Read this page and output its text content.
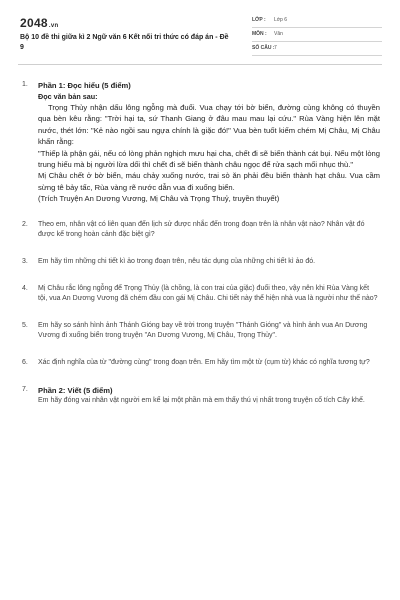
2048.vn
Bộ 10 đề thi giữa kì 2 Ngữ văn 6 Kết nối tri thức có đáp án - Đề 9
LỚP : Lớp 6
MÔN : Văn
SỐ CÂU : 7
1. Phần 1: Đọc hiểu (5 điểm)
Đọc văn bản sau:

Trọng Thủy nhận dấu lông ngỗng mà đuổi. Vua chạy tới bờ biển, đường cùng không có thuyền qua bèn kêu rằng: "Trời hại ta, sứ Thanh Giang ở đâu mau mau lại cứu." Rùa Vàng hiện lên mặt nước, thét lớn: "Kẻ nào ngồi sau ngựa chính là giặc đó!" Vua bèn tuốt kiếm chém Mị Châu, Mị Châu khấn rằng:

"Thiếp là phận gái, nếu có lòng phản nghịch mưu hại cha, chết đi sẽ biến thành cát bụi. Nếu một lòng trung hiếu mà bị người lừa dối thì chết đi sẽ biến thành châu ngọc để rửa sạch mối nhục thù."

Mị Châu chết ở bờ biển, máu chảy xuống nước, trai sò ăn phải đều biến thành hạt châu. Vua cầm sừng tê bảy tấc, Rùa vàng rẽ nước dẫn vua đi xuống biển.

(Trích Truyện An Dương Vương, Mị Châu và Trọng Thuỷ, truyền thuyết)

2. Theo em, nhân vật có liên quan đến lịch sử được nhắc đến trong đoạn trên là nhân vật nào? Nhân vật đó được kể trong hoàn cảnh đặc biệt gì?
3. Em hãy tìm những chi tiết kì ảo trong đoạn trên, nêu tác dụng của những chi tiết kì ảo đó.
4. Mị Châu rắc lông ngỗng để Trọng Thủy (là chồng, là con trai của giặc) đuổi theo, vậy nên khi Rùa Vàng kết tội, vua An Dương Vương đã chém đầu con gái Mị Châu. Chi tiết này thể hiện nhà vua là người như thế nào?
5. Em hãy so sánh hình ảnh Thánh Gióng bay về trời trong truyện "Thánh Gióng" và hình ảnh vua An Dương Vương đi xuống biển trong truyện "An Dương Vương, Mị Châu, Trọng Thủy".
6. Xác định nghĩa của từ "đường cùng" trong đoạn trên. Em hãy tìm một từ (cụm từ) khác có nghĩa tương tự?
7. Phần 2: Viết (5 điểm)
Em hãy đóng vai nhân vật người em kể lại một phần mà em thấy thú vị nhất trong truyện cổ tích Cây khế.
